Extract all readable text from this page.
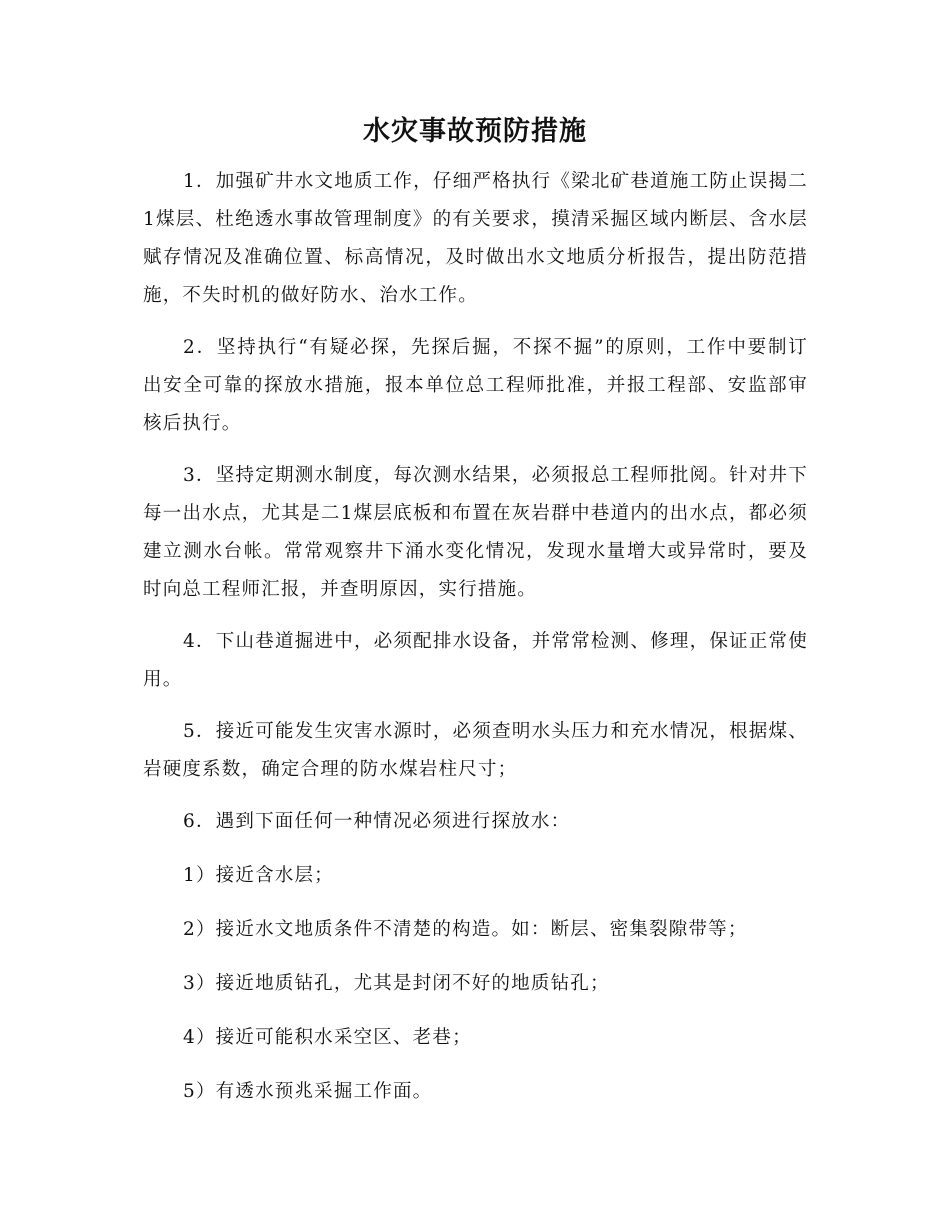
水灾事故预防措施

1．加强矿井水文地质工作，仔细严格执行《梁北矿巷道施工防止误揭二1煤层、杜绝透水事故管理制度》的有关要求，摸清采掘区域内断层、含水层赋存情况及准确位置、标高情况，及时做出水文地质分析报告，提出防范措施，不失时机的做好防水、治水工作。

2．坚持执行“有疑必探，先探后掘，不探不掘”的原则，工作中要制订出安全可靠的探放水措施，报本单位总工程师批准，并报工程部、安监部审核后执行。

3．坚持定期测水制度，每次测水结果，必须报总工程师批阅。针对井下每一出水点，尤其是二1煤层底板和布置在灰岩群中巷道内的出水点，都必须建立测水台帐。常常观察井下涌水变化情况，发现水量增大或异常时，要及时向总工程师汇报，并查明原因，实行措施。

4．下山巷道掘进中，必须配排水设备，并常常检测、修理，保证正常使用。

5．接近可能发生灾害水源时，必须查明水头压力和充水情况，根据煤、岩硬度系数，确定合理的防水煤岩柱尺寸；

6．遇到下面任何一种情况必须进行探放水：

1）接近含水层；

2）接近水文地质条件不清楚的构造。如：断层、密集裂隙带等；

3）接近地质钻孔，尤其是封闭不好的地质钻孔；

4）接近可能积水采空区、老巷；

5）有透水预兆采掘工作面。
